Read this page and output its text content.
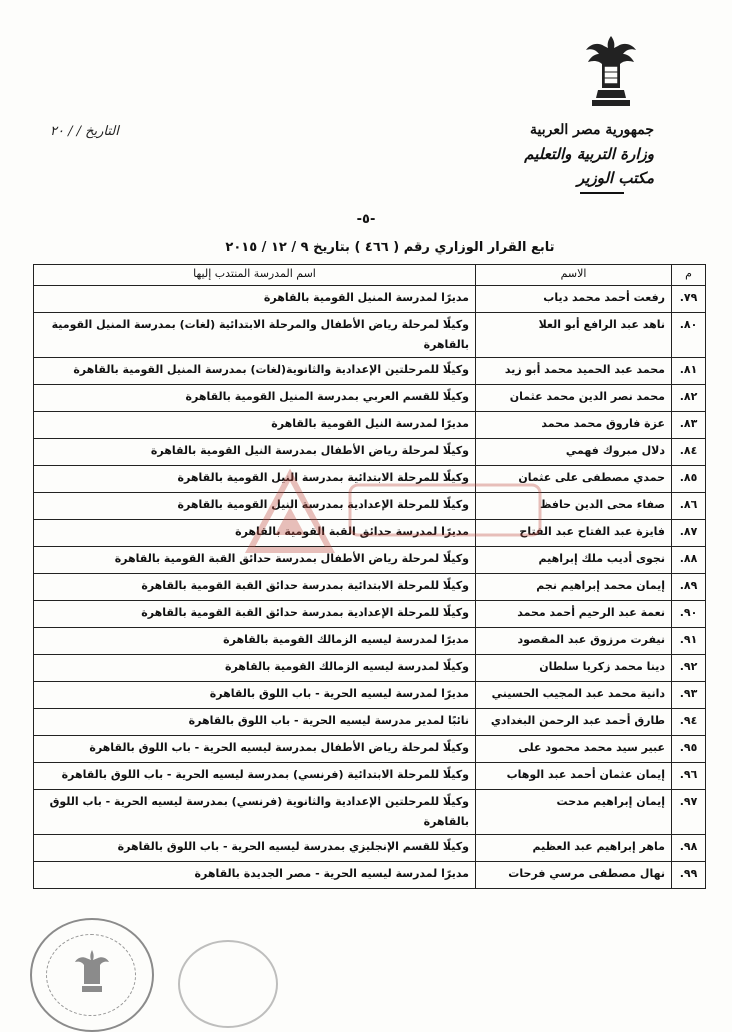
جمهورية مصر العربية
وزارة التربية والتعليم
مكتب الوزير
التاريخ / / ٢٠
-٥-
تابع القرار الوزاري رقم ( ٤٦٦ ) بتاريخ ٩ / ١٢ / ٢٠١٥
م	الاسم	اسم المدرسة المنتدب إليها
٧٩.	رفعت أحمد محمد دياب	مديرًا لمدرسة المنيل القومية بالقاهرة
٨٠.	ناهد عبد الرافع أبو العلا	وكيلًا لمرحلة رياض الأطفال والمرحلة الابتدائية (لغات) بمدرسة المنيل القومية بالقاهرة
٨١.	محمد عبد الحميد محمد أبو زيد	وكيلًا للمرحلتين الإعدادية والثانوية(لغات) بمدرسة المنيل القومية بالقاهرة
٨٢.	محمد نصر الدين محمد عثمان	وكيلًا للقسم العربي بمدرسة المنيل القومية بالقاهرة
٨٣.	عزة فاروق محمد محمد	مديرًا لمدرسة النيل القومية بالقاهرة
٨٤.	دلال مبروك فهمي	وكيلًا لمرحلة رياض الأطفال بمدرسة النيل القومية بالقاهرة
٨٥.	حمدي مصطفى على عثمان	وكيلًا للمرحلة الابتدائية بمدرسة النيل القومية بالقاهرة
٨٦.	صفاء محى الدين حافظ	وكيلًا للمرحلة الإعدادية بمدرسة النيل القومية بالقاهرة
٨٧.	فايزة عبد الفتاح عبد الفتاح	مديرًا لمدرسة حدائق القبة القومية بالقاهرة
٨٨.	نجوى أديب ملك إبراهيم	وكيلًا لمرحلة رياض الأطفال بمدرسة حدائق القبة القومية بالقاهرة
٨٩.	إيمان محمد إبراهيم نجم	وكيلًا للمرحلة الابتدائية بمدرسة حدائق القبة القومية بالقاهرة
٩٠.	نعمة عبد الرحيم أحمد محمد	وكيلًا للمرحلة الإعدادية بمدرسة حدائق القبة القومية بالقاهرة
٩١.	نيفرت مرزوق عبد المقصود	مديرًا لمدرسة ليسيه الزمالك القومية بالقاهرة
٩٢.	دينا محمد زكريا سلطان	وكيلًا لمدرسة ليسيه الزمالك القومية بالقاهرة
٩٣.	دانية محمد عبد المجيب الحسيني	مديرًا لمدرسة ليسيه الحرية - باب اللوق بالقاهرة
٩٤.	طارق أحمد عبد الرحمن البغدادي	نائبًا لمدير مدرسة ليسيه الحرية - باب اللوق بالقاهرة
٩٥.	عبير سيد محمد محمود على	وكيلًا لمرحلة رياض الأطفال بمدرسة ليسيه الحرية - باب اللوق بالقاهرة
٩٦.	إيمان عثمان أحمد عبد الوهاب	وكيلًا للمرحلة الابتدائية (فرنسي) بمدرسة ليسيه الحرية - باب اللوق بالقاهرة
٩٧.	إيمان إبراهيم مدحت	وكيلًا للمرحلتين الإعدادية والثانوية (فرنسي) بمدرسة ليسيه الحرية - باب اللوق بالقاهرة
٩٨.	ماهر إبراهيم عبد العظيم	وكيلًا للقسم الإنجليزي بمدرسة ليسيه الحرية - باب اللوق بالقاهرة
٩٩.	نهال مصطفى مرسي فرحات	مديرًا لمدرسة ليسيه الحرية - مصر الجديدة بالقاهرة
